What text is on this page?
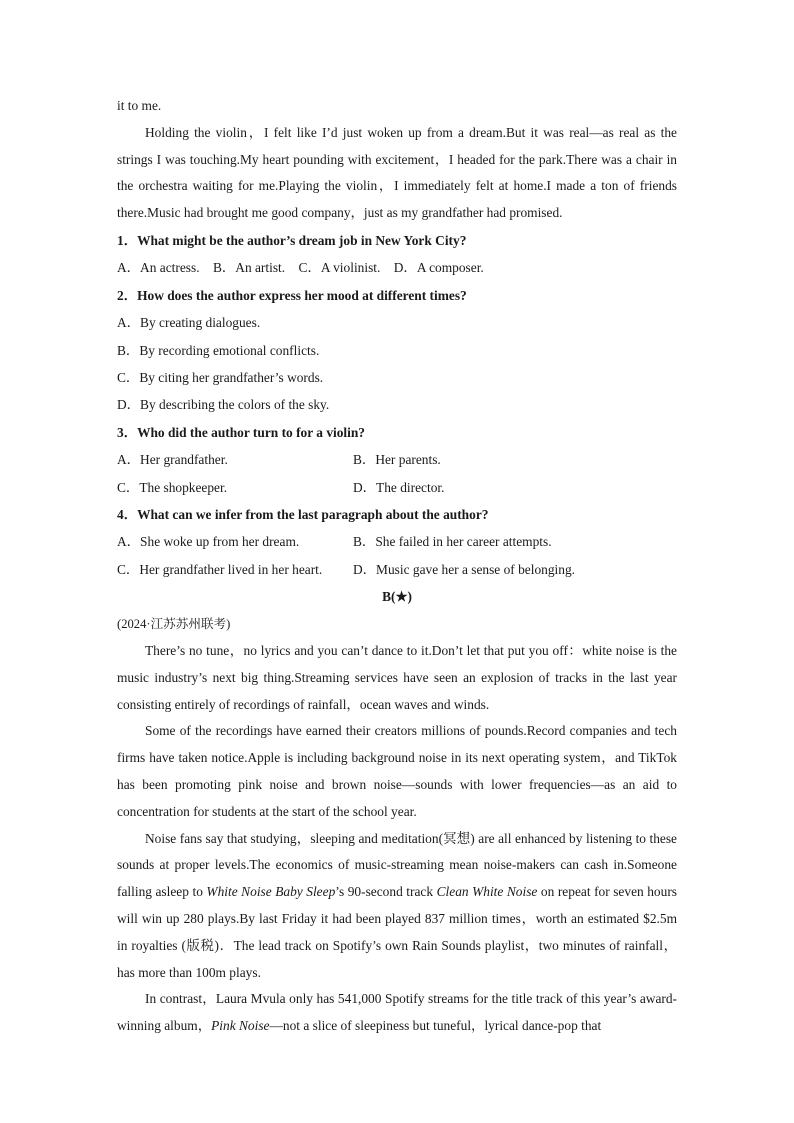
it to me.

Holding the violin，I felt like I’d just woken up from a dream.But it was real—as real as the strings I was touching.My heart pounding with excitement，I headed for the park.There was a chair in the orchestra waiting for me.Playing the violin，I immediately felt at home.I made a ton of friends there.Music had brought me good company，just as my grandfather had promised.

1．What might be the author’s dream job in New York City?

A．An actress. B．An artist. C．A violinist. D．A composer.

2．How does the author express her mood at different times?

A．By creating dialogues.

B．By recording emotional conflicts.

C．By citing her grandfather’s words.

D．By describing the colors of the sky.

3．Who did the author turn to for a violin?

A．Her grandfather.	B．Her parents.
C．The shopkeeper.	D．The director.

4．What can we infer from the last paragraph about the author?

A．She woke up from her dream.	B．She failed in her career attempts.
C．Her grandfather lived in her heart.	D．Music gave her a sense of belonging.

B(★)

(2024·江苏苏州联考)

There’s no tune，no lyrics and you can’t dance to it.Don’t let that put you off：white noise is the music industry’s next big thing.Streaming services have seen an explosion of tracks in the last year consisting entirely of recordings of rainfall，ocean waves and winds.

Some of the recordings have earned their creators millions of pounds.Record companies and tech firms have taken notice.Apple is including background noise in its next operating system，and TikTok has been promoting pink noise and brown noise—sounds with lower frequencies—as an aid to concentration for students at the start of the school year.

Noise fans say that studying，sleeping and meditation(冥想) are all enhanced by listening to these sounds at proper levels.The economics of music-streaming mean noise-makers can cash in.Someone falling asleep to White Noise Baby Sleep’s 90-second track Clean White Noise on repeat for seven hours will win up 280 plays.By last Friday it had been played 837 million times，worth an estimated $2.5m in royalties (版税)．The lead track on Spotify’s own Rain Sounds playlist，two minutes of rainfall，has more than 100m plays.

In contrast，Laura Mvula only has 541,000 Spotify streams for the title track of this year’s award-winning album，Pink Noise—not a slice of sleepiness but tuneful，lyrical dance-pop that
